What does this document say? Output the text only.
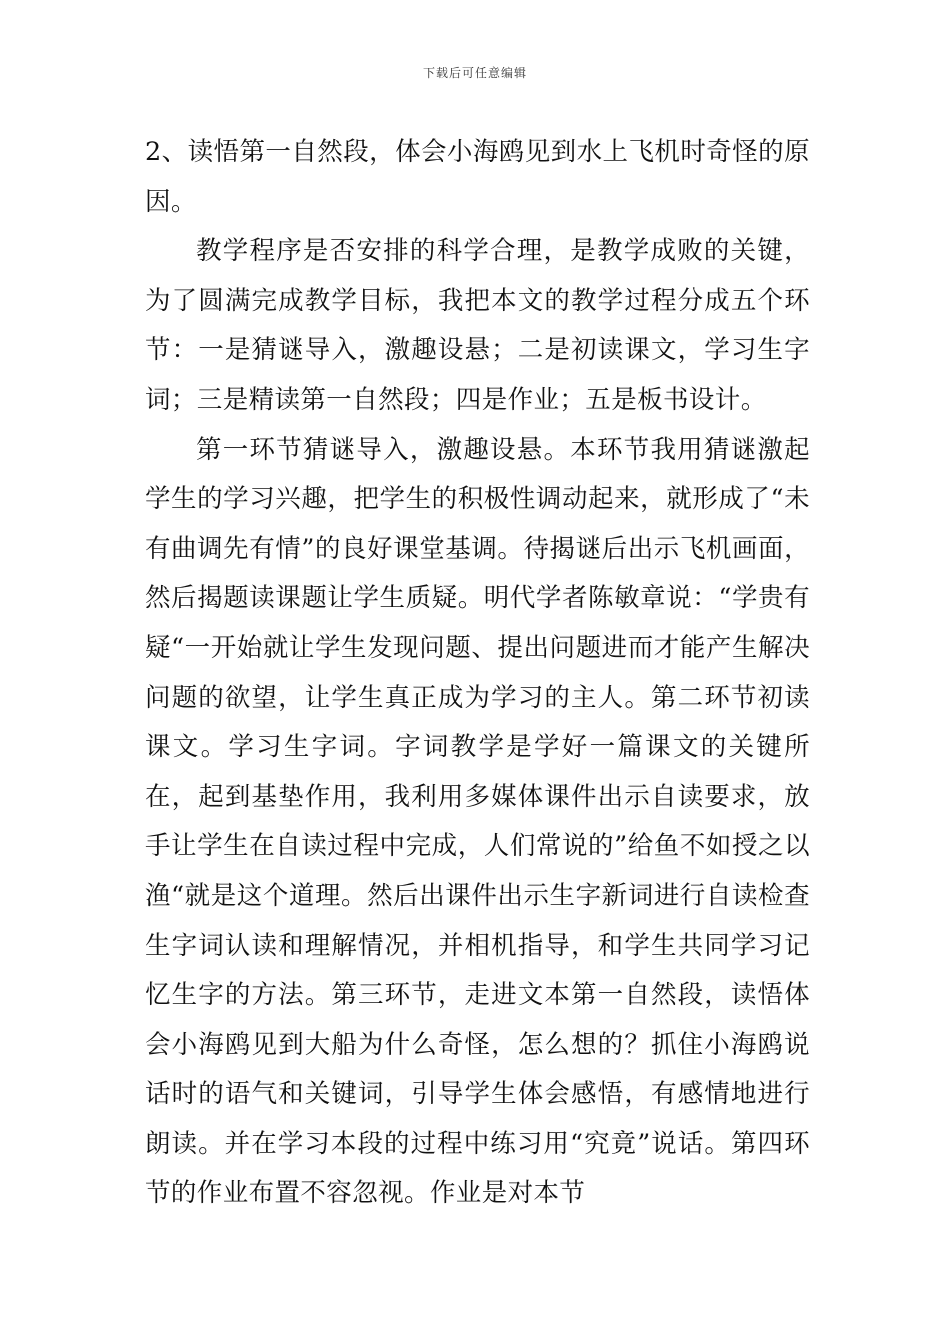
下载后可任意编辑

2、读悟第一自然段，体会小海鸥见到水上飞机时奇怪的原因。

教学程序是否安排的科学合理，是教学成败的关键，为了圆满完成教学目标，我把本文的教学过程分成五个环节：一是猜谜导入，激趣设悬；二是初读课文，学习生字词；三是精读第一自然段；四是作业；五是板书设计。

第一环节猜谜导入，激趣设悬。本环节我用猜谜激起学生的学习兴趣，把学生的积极性调动起来，就形成了“未有曲调先有情”的良好课堂基调。待揭谜后出示飞机画面，然后揭题读课题让学生质疑。明代学者陈敏章说：“学贵有疑“一开始就让学生发现问题、提出问题进而才能产生解决问题的欲望，让学生真正成为学习的主人。第二环节初读课文。学习生字词。字词教学是学好一篇课文的关键所在，起到基垫作用，我利用多媒体课件出示自读要求，放手让学生在自读过程中完成，人们常说的”给鱼不如授之以渔“就是这个道理。然后出课件出示生字新词进行自读检查生字词认读和理解情况，并相机指导，和学生共同学习记忆生字的方法。第三环节，走进文本第一自然段，读悟体会小海鸥见到大船为什么奇怪，怎么想的？抓住小海鸥说话时的语气和关键词，引导学生体会感悟，有感情地进行朗读。并在学习本段的过程中练习用“究竟”说话。第四环节的作业布置不容忽视。作业是对本节
